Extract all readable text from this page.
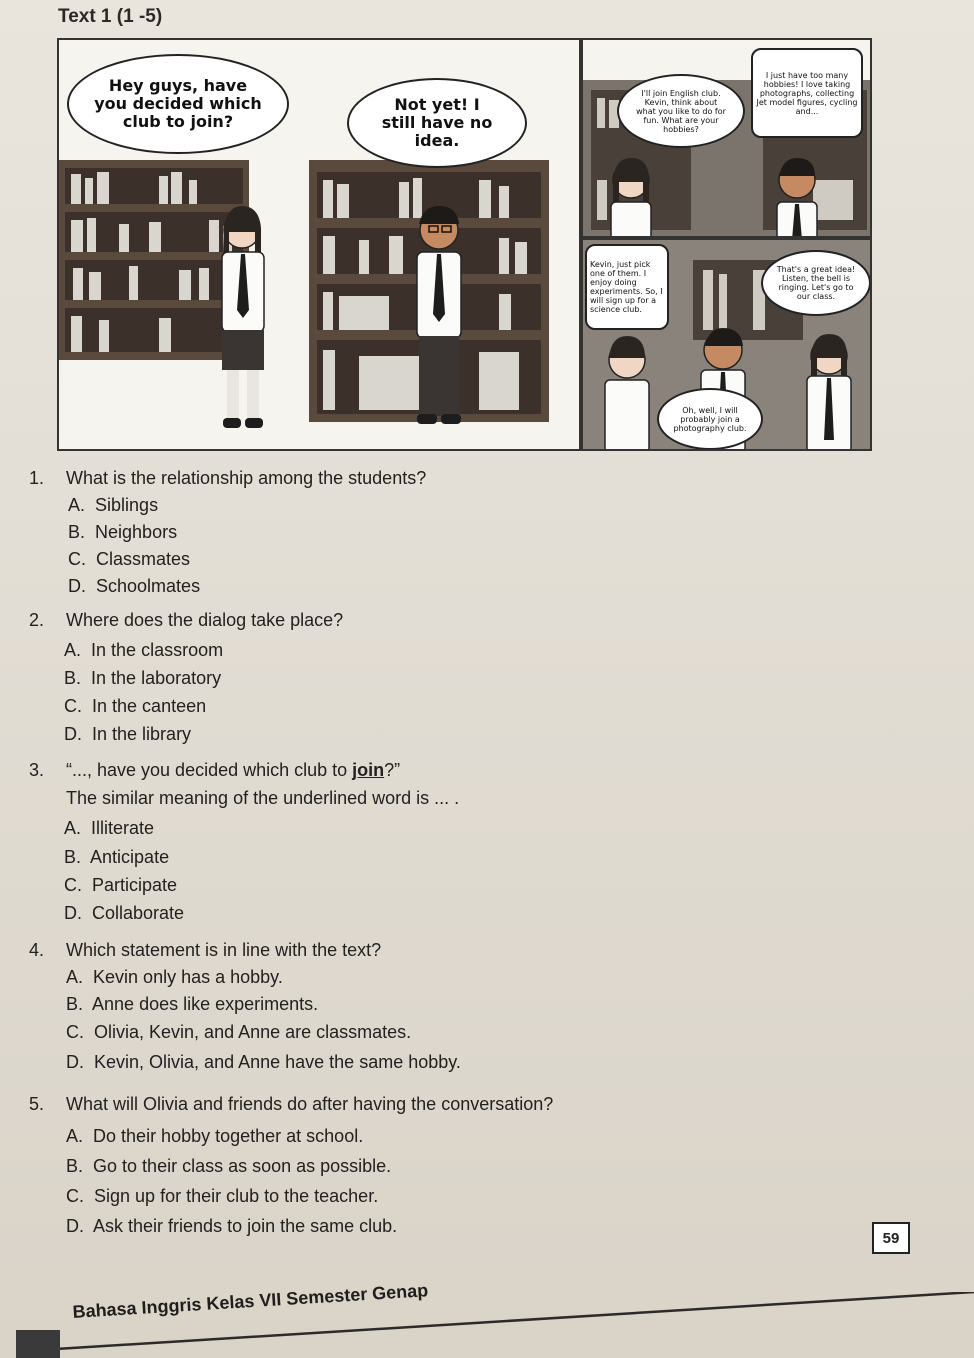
Text 1 (1 -5)
Hey guys, have you decided which club to join?
Not yet! I still have no idea.
I'll join English club. Kevin, think about what you like to do for fun. What are your hobbies?
I just have too many hobbies! I love taking photographs, collecting Jet model figures, cycling and...
Kevin, just pick one of them. I enjoy doing experiments. So, I will sign up for a science club.
That's a great idea! Listen, the bell is ringing. Let's go to our class.
Oh, well, I will probably join a photography club.
1. What is the relationship among the students?
A. Siblings
B. Neighbors
C. Classmates
D. Schoolmates
2. Where does the dialog take place?
A. In the classroom
B. In the laboratory
C. In the canteen
D. In the library
3. “..., have you decided which club to join?”
The similar meaning of the underlined word is ... .
A. Illiterate
B. Anticipate
C. Participate
D. Collaborate
4. Which statement is in line with the text?
A. Kevin only has a hobby.
B. Anne does like experiments.
C. Olivia, Kevin, and Anne are classmates.
D. Kevin, Olivia, and Anne have the same hobby.
5. What will Olivia and friends do after having the conversation?
A. Do their hobby together at school.
B. Go to their class as soon as possible.
C. Sign up for their club to the teacher.
D. Ask their friends to join the same club.
59
Bahasa Inggris Kelas VII Semester Genap
